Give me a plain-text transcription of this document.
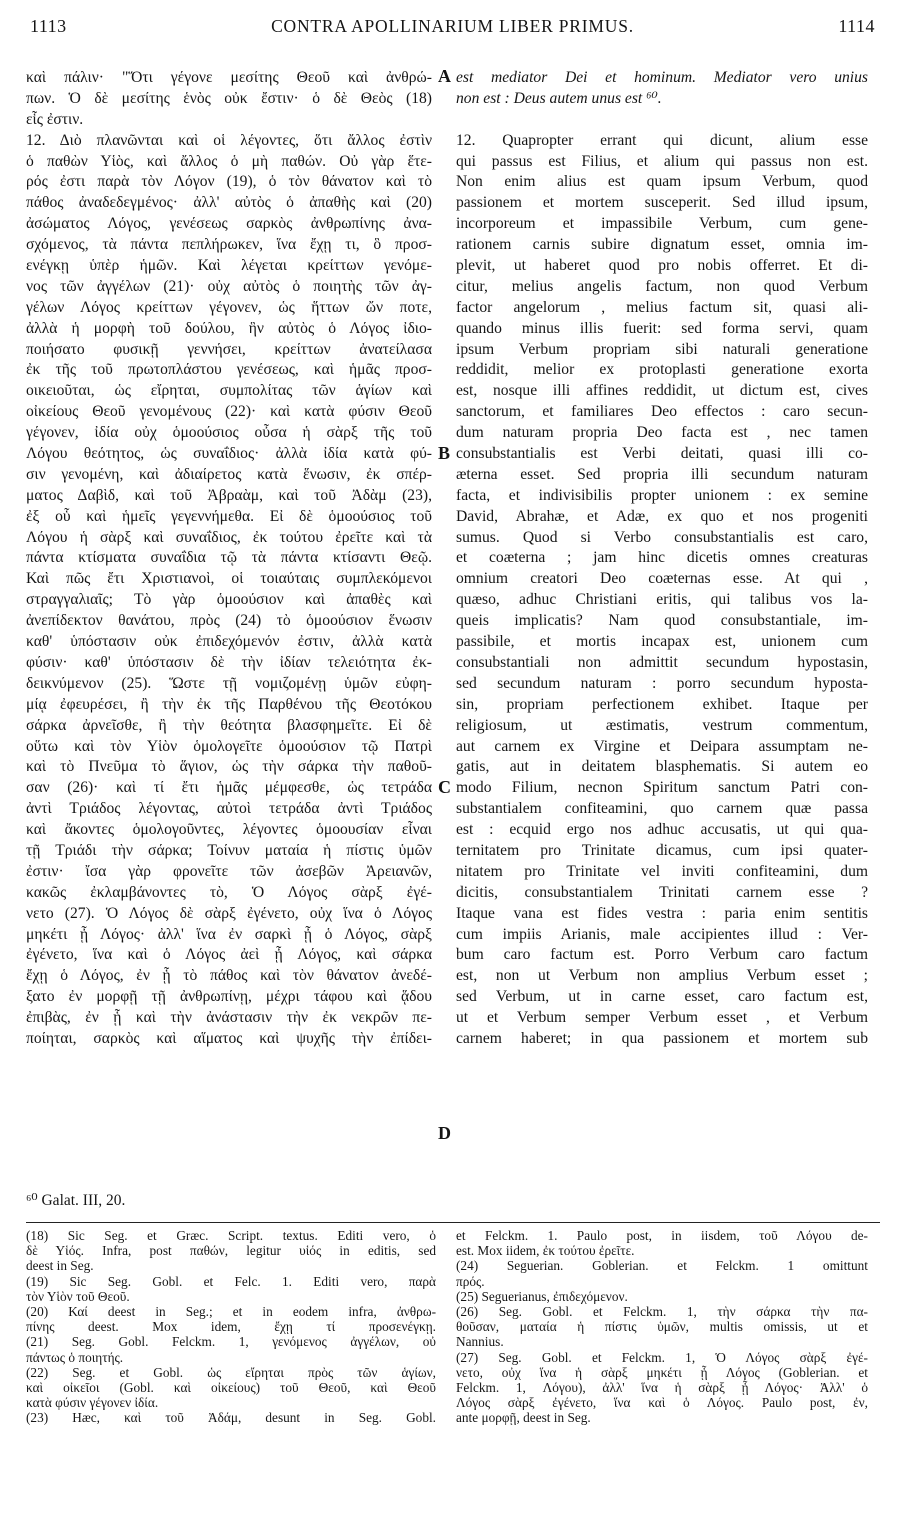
1113	CONTRA APOLLINARIUM LIBER PRIMUS.	1114
καὶ πάλιν· "Ὅτι γέγονε μεσίτης Θεοῦ καὶ ἀνθρώ-
πων. Ὁ δὲ μεσίτης ἑνὸς οὐκ ἔστιν· ὁ δὲ Θεὸς (18)
εἷς ἐστιν.
12. Διὸ πλανῶνται καὶ οἱ λέγοντες, ὅτι ἄλλος ἐστὶν
ὁ παθὼν Υἱὸς, καὶ ἄλλος ὁ μὴ παθών. Οὐ γὰρ ἕτε-
ρός ἐστι παρὰ τὸν Λόγον (19), ὁ τὸν θάνατον καὶ τὸ
πάθος ἀναδεδεγμένος· ἀλλ' αὐτὸς ὁ ἀπαθὴς καὶ (20)
ἀσώματος Λόγος, γενέσεως σαρκὸς ἀνθρωπίνης ἀνα-
σχόμενος, τὰ πάντα πεπλήρωκεν, ἵνα ἔχῃ τι, ὃ προσ-
ενέγκῃ ὑπὲρ ἡμῶν. Καὶ λέγεται κρείττων γενόμε-
νος τῶν ἀγγέλων (21)· οὐχ αὐτὸς ὁ ποιητὴς τῶν ἀγ-
γέλων Λόγος κρείττων γέγονεν, ὡς ἥττων ὤν ποτε,
ἀλλὰ ἡ μορφὴ τοῦ δούλου, ἣν αὐτὸς ὁ Λόγος ἰδιο-
ποιήσατο φυσικῇ γεννήσει, κρείττων ἀνατείλασα
ἐκ τῆς τοῦ πρωτοπλάστου γενέσεως, καὶ ἡμᾶς προσ-
οικειοῦται, ὡς εἴρηται, συμπολίτας τῶν ἁγίων καὶ
οἰκείους Θεοῦ γενομένους (22)· καὶ κατὰ φύσιν Θεοῦ
γέγονεν, ἰδία οὐχ ὁμοούσιος οὖσα ἡ σὰρξ τῆς τοῦ
Λόγου θεότητος, ὡς συναΐδιος· ἀλλὰ ἰδία κατὰ φύ-
σιν γενομένη, καὶ ἀδιαίρετος κατὰ ἕνωσιν, ἐκ σπέρ-
ματος Δαβὶδ, καὶ τοῦ Ἀβραὰμ, καὶ τοῦ Ἀδὰμ (23),
ἐξ οὗ καὶ ἡμεῖς γεγεννήμεθα. Εἰ δὲ ὁμοούσιος τοῦ
Λόγου ἡ σὰρξ καὶ συναΐδιος, ἐκ τούτου ἐρεῖτε καὶ τὰ
πάντα κτίσματα συναΐδια τῷ τὰ πάντα κτίσαντι Θεῷ.
Καὶ πῶς ἔτι Χριστιανοὶ, οἱ τοιαύταις συμπλεκόμενοι
στραγγαλιαῖς; Τὸ γὰρ ὁμοούσιον καὶ ἀπαθὲς καὶ
ἀνεπίδεκτον θανάτου, πρὸς (24) τὸ ὁμοούσιον ἕνωσιν
καθ' ὑπόστασιν οὐκ ἐπιδεχόμενόν ἐστιν, ἀλλὰ κατὰ
φύσιν· καθ' ὑπόστασιν δὲ τὴν ἰδίαν τελειότητα ἐκ-
δεικνύμενον (25). Ὥστε τῇ νομιζομένῃ ὑμῶν εὐφη-
μίᾳ ἐφευρέσει, ἢ τὴν ἐκ τῆς Παρθένου τῆς Θεοτόκου
σάρκα ἀρνεῖσθε, ἢ τὴν θεότητα βλασφημεῖτε. Εἰ δὲ
οὕτω καὶ τὸν Υἱὸν ὁμολογεῖτε ὁμοούσιον τῷ Πατρὶ
καὶ τὸ Πνεῦμα τὸ ἅγιον, ὡς τὴν σάρκα τὴν παθοῦ-
σαν (26)· καὶ τί ἔτι ἡμᾶς μέμφεσθε, ὡς τετράδα
ἀντὶ Τριάδος λέγοντας, αὐτοὶ τετράδα ἀντὶ Τριάδος
καὶ ἄκοντες ὁμολογοῦντες, λέγοντες ὁμοουσίαν εἶναι
τῇ Τριάδι τὴν σάρκα; Τοίνυν ματαία ἡ πίστις ὑμῶν
ἐστιν· ἴσα γὰρ φρονεῖτε τῶν ἀσεβῶν Ἀρειανῶν,
κακῶς ἐκλαμβάνοντες τὸ, Ὁ Λόγος σὰρξ ἐγέ-
νετο (27). Ὁ Λόγος δὲ σὰρξ ἐγένετο, οὐχ ἵνα ὁ Λόγος
μηκέτι ᾖ Λόγος· ἀλλ' ἵνα ἐν σαρκὶ ᾖ ὁ Λόγος, σὰρξ
ἐγένετο, ἵνα καὶ ὁ Λόγος ἀεὶ ᾖ Λόγος, καὶ σάρκα
ἔχῃ ὁ Λόγος, ἐν ᾗ τὸ πάθος καὶ τὸν θάνατον ἀνεδέ-
ξατο ἐν μορφῇ τῇ ἀνθρωπίνῃ, μέχρι τάφου καὶ ᾅδου
ἐπιβὰς, ἐν ᾗ καὶ τὴν ἀνάστασιν τὴν ἐκ νεκρῶν πε-
ποίηται, σαρκὸς καὶ αἵματος καὶ ψυχῆς τὴν ἐπίδει-
est mediator Dei et hominum. Mediator vero unius
non est : Deus autem unus est ⁶⁰.
12. Quapropter errant qui dicunt, alium esse
qui passus est Filius, et alium qui passus non est.
Non enim alius est quam ipsum Verbum, quod
passionem et mortem susceperit. Sed illud ipsum,
incorporeum et impassibile Verbum, cum gene-
rationem carnis subire dignatum esset, omnia im-
plevit, ut haberet quod pro nobis offerret. Et di-
citur, melius angelis factum, non quod Verbum
factor angelorum , melius factum sit, quasi ali-
quando minus illis fuerit: sed forma servi, quam
ipsum Verbum propriam sibi naturali generatione
reddidit, melior ex protoplasti generatione exorta
est, nosque illi affines reddidit, ut dictum est, cives
sanctorum, et familiares Deo effectos : caro secun-
dum naturam propria Deo facta est , nec tamen
consubstantialis est Verbi deitati, quasi illi co-
æterna esset. Sed propria illi secundum naturam
facta, et indivisibilis propter unionem : ex semine
David, Abrahæ, et Adæ, ex quo et nos progeniti
sumus. Quod si Verbo consubstantialis est caro,
et coæterna ; jam hinc dicetis omnes creaturas
omnium creatori Deo coæternas esse. At qui ,
quæso, adhuc Christiani eritis, qui talibus vos la-
queis implicatis? Nam quod consubstantiale, im-
passibile, et mortis incapax est, unionem cum
consubstantiali non admittit secundum hypostasin,
sed secundum naturam : porro secundum hyposta-
sin, propriam perfectionem exhibet. Itaque per
religiosum, ut æstimatis, vestrum commentum,
aut carnem ex Virgine et Deipara assumptam ne-
gatis, aut in deitatem blasphematis. Si autem eo
modo Filium, necnon Spiritum sanctum Patri con-
substantialem confiteamini, quo carnem quæ passa
est : ecquid ergo nos adhuc accusatis, ut qui qua-
ternitatem pro Trinitate dicamus, cum ipsi quater-
nitatem pro Trinitate vel inviti confiteamini, dum
dicitis, consubstantialem Trinitati carnem esse ?
Itaque vana est fides vestra : paria enim sentitis
cum impiis Arianis, male accipientes illud : Ver-
bum caro factum est. Porro Verbum caro factum
est, non ut Verbum non amplius Verbum esset ;
sed Verbum, ut in carne esset, caro factum est,
ut et Verbum semper Verbum esset , et Verbum
carnem haberet; in qua passionem et mortem sub
A
B
C
D
⁶⁰ Galat. III, 20.
(18) Sic Seg. et Græc. Script. textus. Editi vero, ὁ
δὲ Υἱός. Infra, post παθών, legitur υἱός in editis, sed
deest in Seg.
(19) Sic Seg. Gobl. et Felc. 1. Editi vero, παρὰ
τὸν Υἱὸν τοῦ Θεοῦ.
(20) Καί deest in Seg.; et in eodem infra, ἀνθρω-
πίνης deest. Mox idem, ἔχῃ τί προσενέγκῃ.
(21) Seg. Gobl. Felckm. 1, γενόμενος ἀγγέλων, οὐ
πάντως ὁ ποιητής.
(22) Seg. et Gobl. ὡς εἴρηται πρὸς τῶν ἁγίων,
καὶ οἰκεῖοι (Gobl. καὶ οἰκείους) τοῦ Θεοῦ, καὶ Θεοῦ
κατὰ φύσιν γέγονεν ἰδία.
(23) Hæc, καὶ τοῦ Ἀδάμ, desunt in Seg. Gobl.
et Felckm. 1. Paulo post, in iisdem, τοῦ Λόγου de-
est. Mox iidem, ἐκ τούτου ἐρεῖτε.
(24) Seguerian. Goblerian. et Felckm. 1 omittunt
πρός.
(25) Seguerianus, ἐπιδεχόμενον.
(26) Seg. Gobl. et Felckm. 1, τὴν σάρκα τὴν πα-
θοῦσαν, ματαία ἡ πίστις ὑμῶν, multis omissis, ut et
Nannius.
(27) Seg. Gobl. et Felckm. 1, Ὁ Λόγος σὰρξ ἐγέ-
νετο, οὐχ ἵνα ἡ σὰρξ μηκέτι ᾖ Λόγος (Goblerian. et
Felckm. 1, Λόγου), ἀλλ' ἵνα ἡ σὰρξ ᾖ Λόγος· Ἀλλ' ὁ
Λόγος σὰρξ ἐγένετο, ἵνα καὶ ὁ Λόγος. Paulo post, ἐν,
ante μορφῇ, deest in Seg.
